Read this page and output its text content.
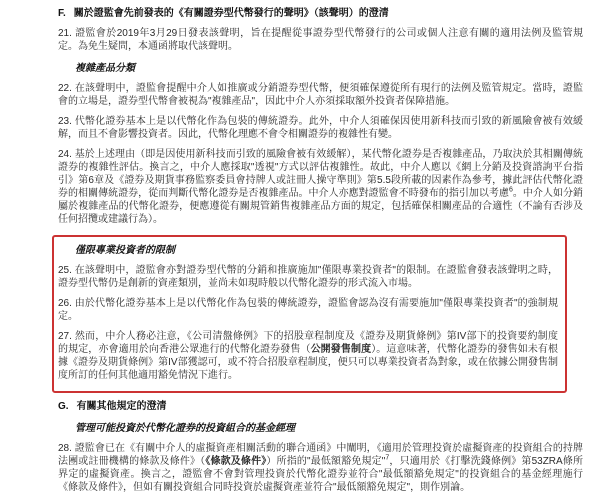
F. 關於證監會先前發表的《有關證券型代幣發行的聲明》（該聲明）的澄清
21. 證監會於2019年3月29日發表該聲明，旨在提醒從事證券型代幣發行的公司或個人注意有關的適用法例及監管規定。為免生疑問，本通函將取代該聲明。
複雜產品分類
22. 在該聲明中，證監會提醒中介人如推廣或分銷證券型代幣，便須確保遵從所有現行的法例及監管規定。當時，證監會的立場是，證券型代幣會被視為"複雜產品"，因此中介人亦須採取額外投資者保障措施。
23. 代幣化證券基本上是以代幣化作為包裝的傳統證券。此外，中介人須確保因使用新科技而引致的新風險會被有效緩解，而且不會影響投資者。因此，代幣化理應不會令相關證券的複雜性有變。
24. 基於上述理由（即是因使用新科技而引致的風險會被有效緩解），某代幣化證券是否複雜產品，乃取決於其相關傳統證券的複雜性評估。換言之，中介人應採取"透視"方式以評估複雜性。故此，中介人應以《網上分銷及投資諮詢平台指引》第6章及《證券及期貨事務監察委員會持牌人或註冊人操守準則》第5.5段所載的因素作為參考，據此評估代幣化證券的相關傳統證券，從而判斷代幣化證券是否複雜產品。中介人亦應對證監會不時發布的指引加以考慮$^6$。中介人如分銷屬於複雜產品的代幣化證券，便應遵從有關規管銷售複雜產品方面的規定，包括確保相關產品的合適性（不論有否涉及任何招攬或建議行為）。
僅限專業投資者的限制
25. 在該聲明中，證監會亦對證券型代幣的分銷和推廣施加"僅限專業投資者"的限制。在證監會發表該聲明之時，證券型代幣仍是創新的資產類別，並尚未如現時般以代幣化證券的形式流入市場。
26. 由於代幣化證券基本上是以代幣化作為包裝的傳統證券，證監會認為沒有需要施加"僅限專業投資者"的強制規定。
27. 然而，中介人務必注意，《公司清盤條例》下的招股章程制度及《證券及期貨條例》第IV部下的投資要約制度的規定，亦會適用於向香港公眾進行的代幣化證券發售（公開發售制度）。這意味著，代幣化證券的發售如未有根據《證券及期貨條例》第IV部獲認可，或不符合招股章程制度，便只可以專業投資者為對象，或在依據公開發售制度所訂的任何其他適用豁免情況下進行。
G. 有關其他規定的澄清
管理可能投資於代幣化證券的投資組合的基金經理
28. 證監會已在《有關中介人的虛擬資產相關活動的聯合通函》中闡明，《適用於管理投資於虛擬資產的投資組合的持牌法團或註冊機構的條款及條件》（《條款及條件》）所指的"最低額豁免規定"$^7$，只適用於《打擊洗錢條例》第53ZRA條所界定的虛擬資產。換言之，證監會不會對管理投資於代幣化證券並符合"最低額豁免規定"的投資組合的基金經理施行《條款及條件》，但如有關投資組合同時投資於虛擬資產並符合"最低額豁免規定"，則作別論。
